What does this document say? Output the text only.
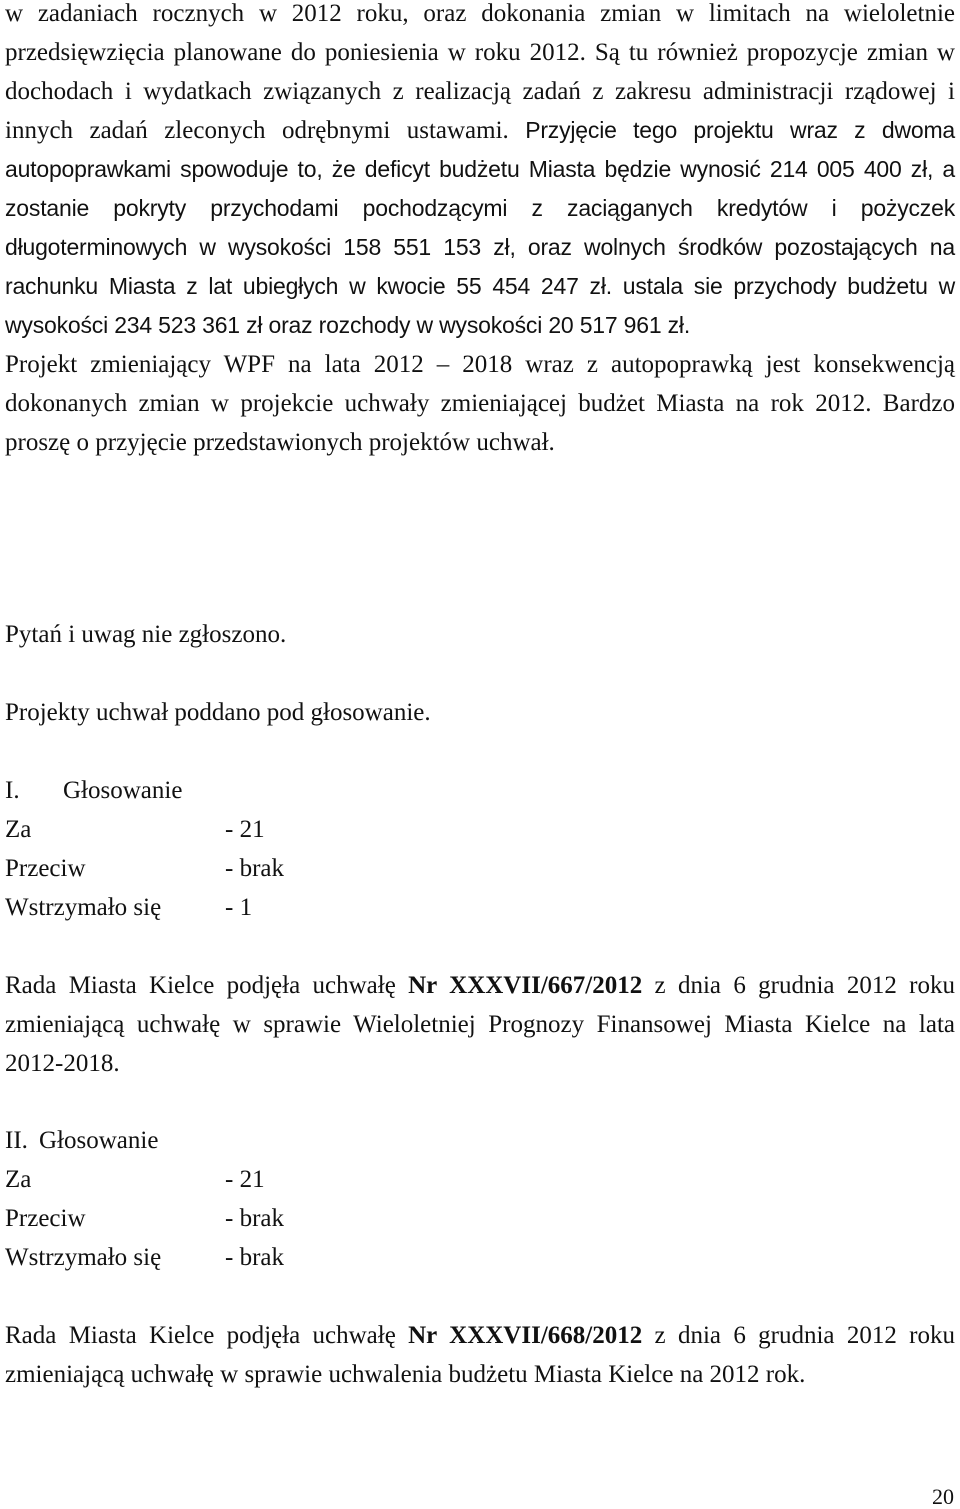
w zadaniach rocznych w 2012 roku, oraz dokonania zmian w limitach na wieloletnie przedsięwzięcia planowane do poniesienia w roku 2012. Są tu również propozycje zmian w dochodach i wydatkach związanych z realizacją zadań z zakresu administracji rządowej i innych zadań zleconych odrębnymi ustawami. Przyjęcie tego projektu wraz z dwoma autopoprawkami spowoduje to, że deficyt budżetu Miasta będzie wynosić 214 005 400 zł, a zostanie pokryty przychodami pochodzącymi z zaciąganych kredytów i pożyczek długoterminowych w wysokości 158 551 153 zł, oraz wolnych środków pozostających na rachunku Miasta z lat ubiegłych w kwocie 55 454 247 zł. ustala sie przychody budżetu w wysokości 234 523 361 zł oraz rozchody w wysokości 20 517 961 zł.

Projekt zmieniający WPF na lata 2012 – 2018 wraz z autopoprawką jest konsekwencją dokonanych zmian w projekcie uchwały zmieniającej budżet Miasta na rok 2012. Bardzo proszę o przyjęcie przedstawionych projektów uchwał.

Pytań i uwag nie zgłoszono.
Projekty uchwał poddano pod głosowanie.
I.	Głosowanie
Za	- 21
Przeciw	- brak
Wstrzymało się	- 1

Rada Miasta Kielce podjęła uchwałę Nr XXXVII/667/2012 z dnia 6 grudnia 2012 roku zmieniającą uchwałę w sprawie Wieloletniej Prognozy Finansowej Miasta Kielce na lata 2012-2018.

II. Głosowanie
Za	- 21
Przeciw	- brak
Wstrzymało się	- brak

Rada Miasta Kielce podjęła uchwałę Nr XXXVII/668/2012 z dnia 6 grudnia 2012 roku zmieniającą uchwałę w sprawie uchwalenia budżetu Miasta Kielce na 2012 rok.

20
